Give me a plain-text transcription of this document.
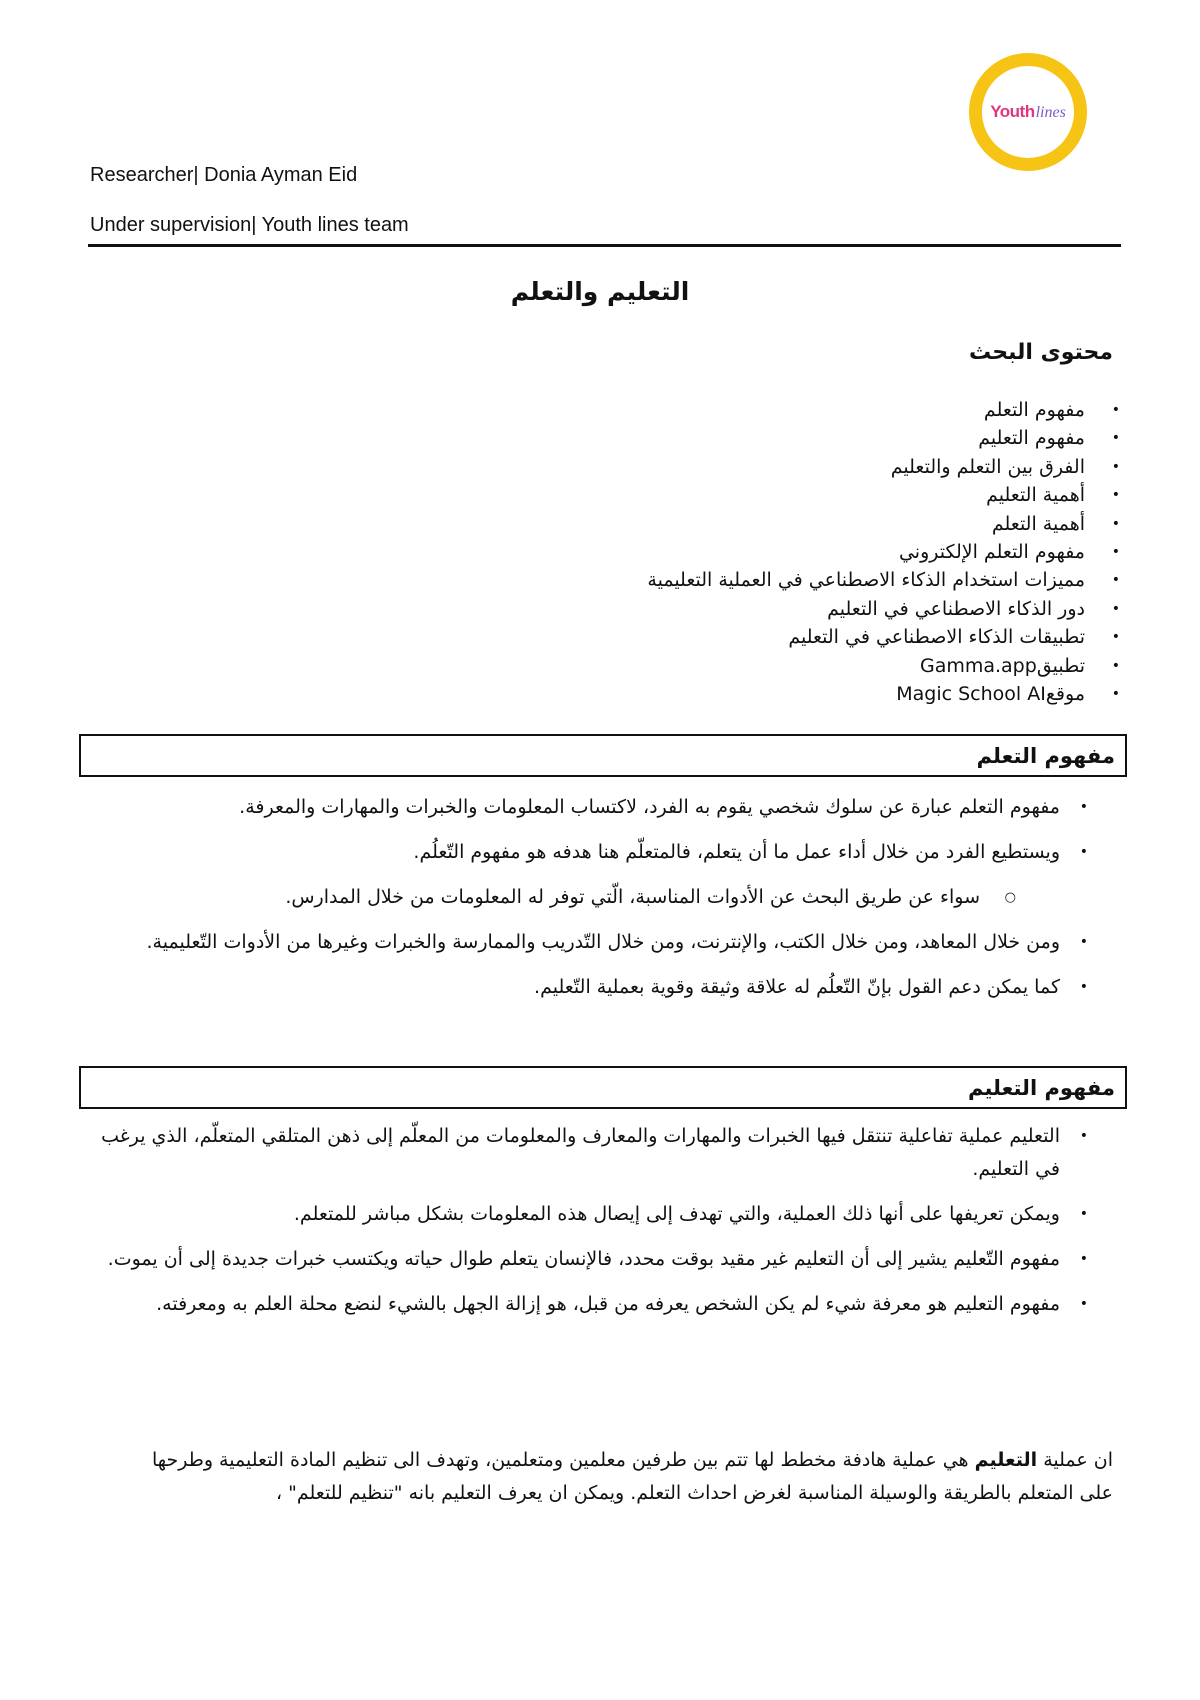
Youth lines
Researcher| Donia Ayman Eid
Under supervision| Youth lines team
التعليم والتعلم
محتوى البحث
• مفهوم التعلم
• مفهوم التعليم
• الفرق بين التعلم والتعليم
• أهمية التعليم
• أهمية التعلم
• مفهوم التعلم الإلكتروني
• مميزات استخدام الذكاء الاصطناعي في العملية التعليمية
• دور الذكاء الاصطناعي في التعليم
• تطبيقات الذكاء الاصطناعي في التعليم
• تطبيقGamma.app
• موقعMagic School AI
مفهوم التعلم
• مفهوم التعلم عبارة عن سلوك شخصي يقوم به الفرد، لاكتساب المعلومات والخبرات والمهارات والمعرفة.
• ويستطيع الفرد من خلال أداء عمل ما أن يتعلم، فالمتعلّم هنا هدفه هو مفهوم التّعلُم.
○ سواء عن طريق البحث عن الأدوات المناسبة، الّتي توفر له المعلومات من خلال المدارس.
• ومن خلال المعاهد، ومن خلال الكتب، والإنترنت، ومن خلال التّدريب والممارسة والخبرات وغيرها من الأدوات التّعليمية.
• كما يمكن دعم القول بإنّ التّعلُم له علاقة وثيقة وقوية بعملية التّعليم.
مفهوم التعليم
• التعليم عملية تفاعلية تنتقل فيها الخبرات والمهارات والمعارف والمعلومات من المعلّم إلى ذهن المتلقي المتعلّم، الذي يرغب في التعليم.
• ويمكن تعريفها على أنها ذلك العملية، والتي تهدف إلى إيصال هذه المعلومات بشكل مباشر للمتعلم.
• مفهوم التّعليم يشير إلى أن التعليم غير مقيد بوقت محدد، فالإنسان يتعلم طوال حياته ويكتسب خبرات جديدة إلى أن يموت.
• مفهوم التعليم هو معرفة شيء لم يكن الشخص يعرفه من قبل، هو إزالة الجهل بالشيء لنضع محلة العلم به ومعرفته.

ان عملية التعليم هي عملية هادفة مخطط لها تتم بين طرفين معلمين ومتعلمين، وتهدف الى تنظيم المادة التعليمية وطرحها على المتعلم بالطريقة والوسيلة المناسبة لغرض احداث التعلم. ويمكن ان يعرف التعليم بانه "تنظيم للتعلم" ،
